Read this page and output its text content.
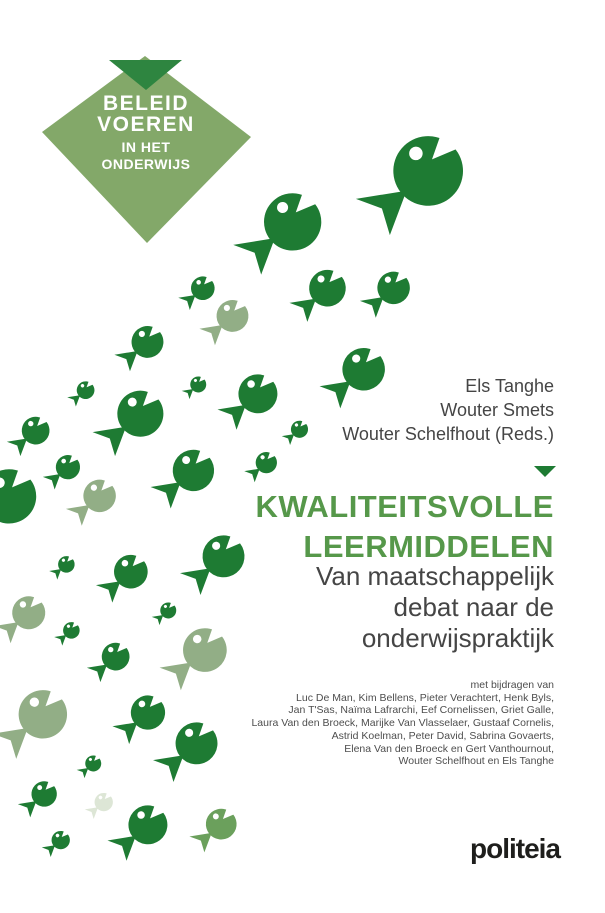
BELEID
VOEREN
IN HET
ONDERWIJS
Els Tanghe
Wouter Smets
Wouter Schelfhout (Reds.)
KWALITEITSVOLLE
LEERMIDDELEN
Van maatschappelijk
debat naar de
onderwijspraktijk
met bijdragen van
Luc De Man, Kim Bellens, Pieter Verachtert, Henk Byls,
Jan T'Sas, Naïma Lafrarchi, Eef Cornelissen, Griet Galle,
Laura Van den Broeck, Marijke Van Vlasselaer, Gustaaf Cornelis,
Astrid Koelman, Peter David, Sabrina Govaerts,
Elena Van den Broeck en Gert Vanthournout,
Wouter Schelfhout en Els Tanghe
politeia
